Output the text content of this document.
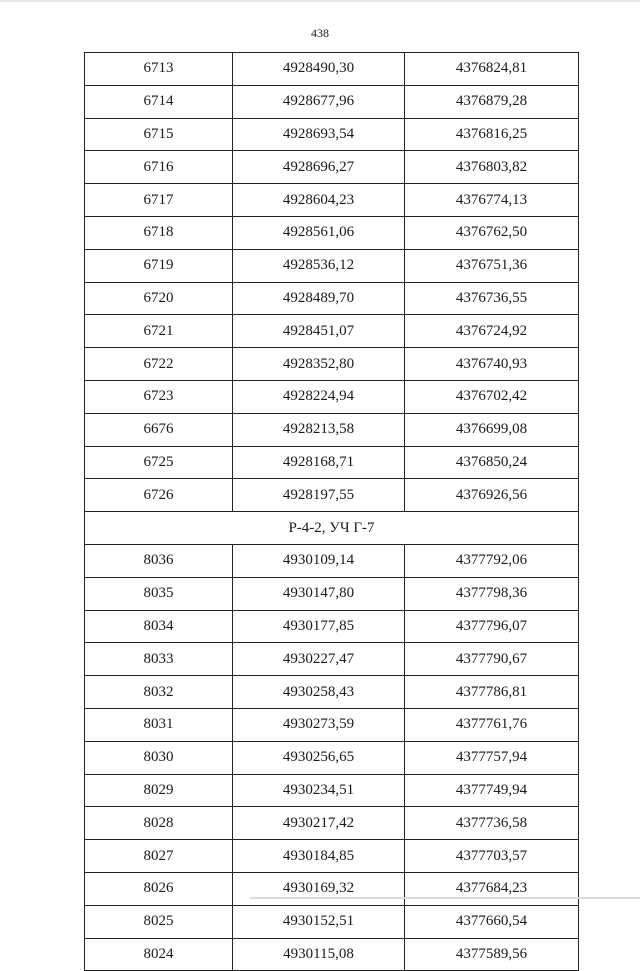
438
6713	4928490,30	4376824,81
6714	4928677,96	4376879,28
6715	4928693,54	4376816,25
6716	4928696,27	4376803,82
6717	4928604,23	4376774,13
6718	4928561,06	4376762,50
6719	4928536,12	4376751,36
6720	4928489,70	4376736,55
6721	4928451,07	4376724,92
6722	4928352,80	4376740,93
6723	4928224,94	4376702,42
6676	4928213,58	4376699,08
6725	4928168,71	4376850,24
6726	4928197,55	4376926,56
Р-4-2, УЧ Г-7		
8036	4930109,14	4377792,06
8035	4930147,80	4377798,36
8034	4930177,85	4377796,07
8033	4930227,47	4377790,67
8032	4930258,43	4377786,81
8031	4930273,59	4377761,76
8030	4930256,65	4377757,94
8029	4930234,51	4377749,94
8028	4930217,42	4377736,58
8027	4930184,85	4377703,57
8026	4930169,32	4377684,23
8025	4930152,51	4377660,54
8024	4930115,08	4377589,56
